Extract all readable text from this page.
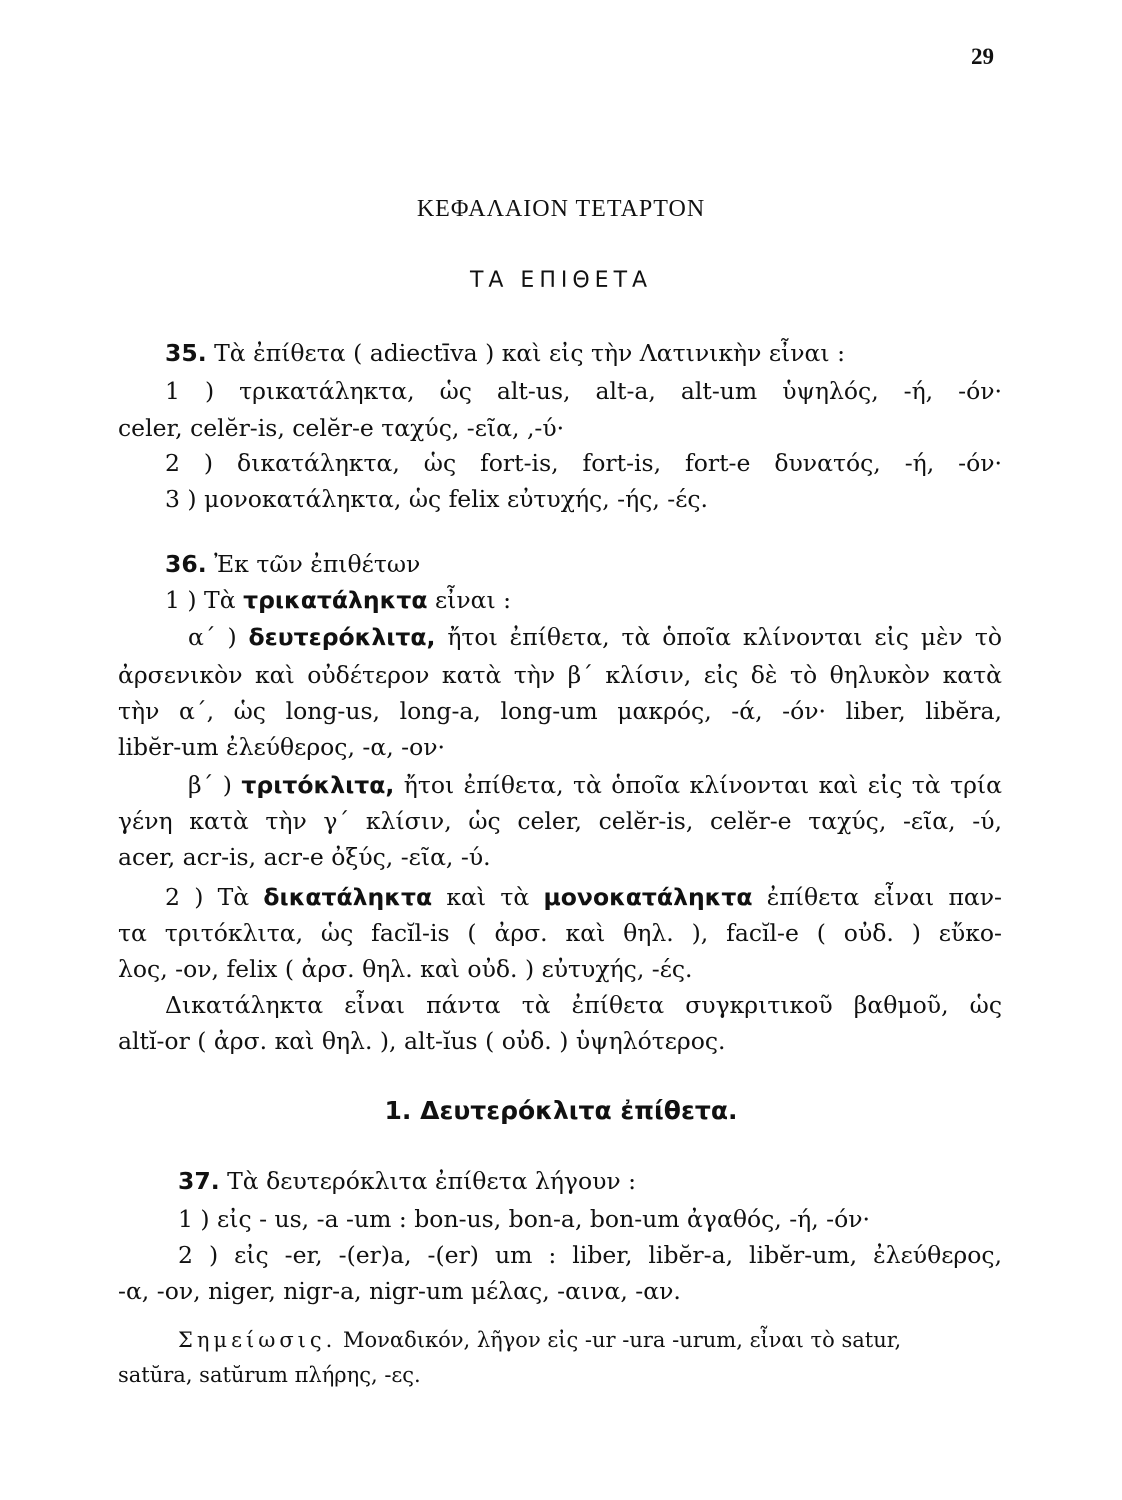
29
ΚΕΦΑΛΑΙΟΝ ΤΕΤΑΡΤΟΝ
ΤΑ ΕΠΙΘΕΤΑ
35. Τὰ ἐπίθετα ( adiectīva ) καὶ εἰς τὴν Λατινικὴν εἶναι :
1 ) τρικατάληκτα, ὡς alt-us, alt-a, alt-um ὑψηλός, -ή, -όν·
celer, celĕr-is, celĕr-e ταχύς, -εῖα, ,-ύ·
2 ) δικατάληκτα, ὡς fort-is, fort-is, fort-e δυνατός, -ή, -όν·
3 ) μονοκατάληκτα, ὡς felix εὐτυχής, -ής, -ές.
36. Ἐκ τῶν ἐπιθέτων
1 ) Τὰ τρικατάληκτα εἶναι :
α΄ ) δευτερόκλιτα, ἤτοι ἐπίθετα, τὰ ὁποῖα κλίνονται εἰς μὲν τὸ
ἀρσενικὸν καὶ οὐδέτερον κατὰ τὴν β΄ κλίσιν, εἰς δὲ τὸ θηλυκὸν κατὰ
τὴν α΄, ὡς long-us, long-a, long-um μακρός, -ά, -όν· liber, libĕra,
libĕr-um ἐλεύθερος, -α, -ον·
β΄ ) τριτόκλιτα, ἤτοι ἐπίθετα, τὰ ὁποῖα κλίνονται καὶ εἰς τὰ τρία
γένη κατὰ τὴν γ΄ κλίσιν, ὡς celer, celĕr-is, celĕr-e ταχύς, -εῖα, -ύ,
acer, acr-is, acr-e ὀξύς, -εῖα, -ύ.
2 ) Τὰ δικατάληκτα καὶ τὰ μονοκατάληκτα ἐπίθετα εἶναι παν-
τα τριτόκλιτα, ὡς facĭl-is ( ἀρσ. καὶ θηλ. ), facĭl-e ( οὐδ. ) εὔκο-
λος, -ον, felix ( ἀρσ. θηλ. καὶ οὐδ. ) εὐτυχής, -ές.
Δικατάληκτα εἶναι πάντα τὰ ἐπίθετα συγκριτικοῦ βαθμοῦ, ὡς
altĭ-or ( ἀρσ. καὶ θηλ. ), alt-ĭus ( οὐδ. ) ὑψηλότερος.
1. Δευτερόκλιτα ἐπίθετα.
37. Τὰ δευτερόκλιτα ἐπίθετα λήγουν :
1 ) εἰς - us, -a -um : bon-us, bon-a, bon-um ἀγαθός, -ή, -όν·
2 ) εἰς -er, -(er)a, -(er) um : liber, libĕr-a, libĕr-um, ἐλεύθερος,
-α, -ον, niger, nigr-a, nigr-um μέλας, -αινα, -αν.
Σημείωσις. Μοναδικόν, λῆγον εἰς -ur -ura -urum, εἶναι τὸ satur,
satŭra, satŭrum πλήρης, -ες.
